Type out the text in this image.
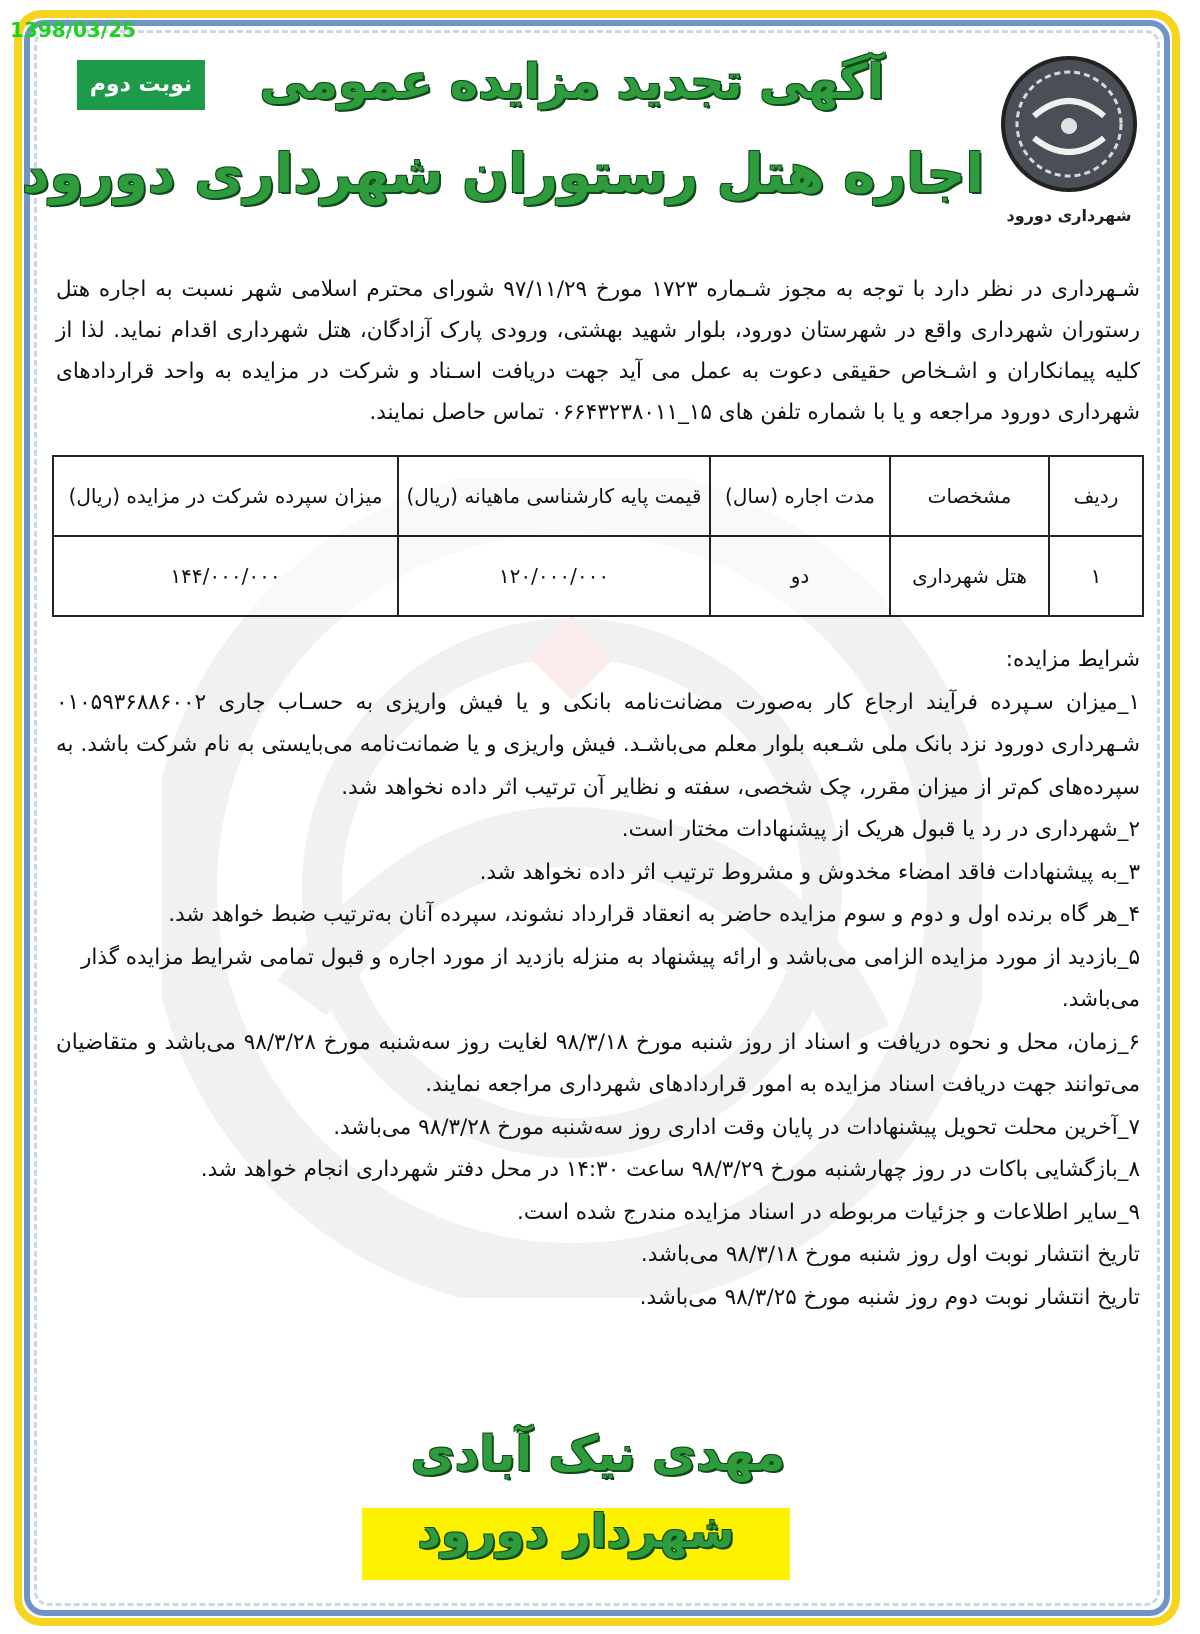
1398/03/25
شهرداری دورود
آگهی تجدید مزایده عمومی
اجاره هتل رستوران شهرداری دورود
نوبت دوم

شـهرداری در نظر دارد با توجه به مجوز شـماره ۱۷۲۳ مورخ ۹۷/۱۱/۲۹ شورای محترم اسلامی شهر نسبت به اجاره هتل رستوران شهرداری واقع در شهرستان دورود، بلوار شهید بهشتی، ورودی پارک آزادگان، هتل شهرداری اقدام نماید. لذا از کلیه پیمانکاران و اشـخاص حقیقی دعوت به عمل می آید جهت دریافت اسـناد و شرکت در مزایده به واحد قراردادهای شهرداری دورود مراجعه و یا با شماره تلفن های ۱۵_۰۶۶۴۳۲۳۸۰۱۱ تماس حاصل نمایند.

ردیف	مشخصات	مدت اجاره (سال)	قیمت پایه کارشناسی ماهیانه (ریال)	میزان سپرده شرکت در مزایده (ریال)
۱	هتل شهرداری	دو	۱۲۰/۰۰۰/۰۰۰	۱۴۴/۰۰۰/۰۰۰

شرایط مزایده:

۱_میزان سـپرده فرآیند ارجاع کار به‌صورت مضانت‌نامه بانکی و یا فیش واریزی به حسـاب جاری ۰۱۰۵۹۳۶۸۸۶۰۰۲ شـهرداری دورود نزد بانک ملی شـعبه بلوار معلم می‌باشـد. فیش واریزی و یا ضمانت‌نامه می‌بایستی به نام شرکت باشد. به سپرده‌های کم‌تر از میزان مقرر، چک شخصی، سفته و نظایر آن ترتیب اثر داده نخواهد شد.

۲_شهرداری در رد یا قبول هریک از پیشنهادات مختار است.

۳_به پیشنهادات فاقد امضاء مخدوش و مشروط ترتیب اثر داده نخواهد شد.

۴_هر گاه برنده اول و دوم و سوم مزایده حاضر به انعقاد قرارداد نشوند، سپرده آنان به‌ترتیب ضبط خواهد شد.

۵_بازدید از مورد مزایده الزامی می‌باشد و ارائه پیشنهاد به منزله بازدید از مورد اجاره و قبول تمامی شرایط مزایده گذار می‌باشد.

۶_زمان، محل و نحوه دریافت و اسناد از روز شنبه مورخ ۹۸/۳/۱۸ لغایت روز سه‌شنبه مورخ ۹۸/۳/۲۸ می‌باشد و متقاضیان می‌توانند جهت دریافت اسناد مزایده به امور قراردادهای شهرداری مراجعه نمایند.

۷_آخرین محلت تحویل پیشنهادات در پایان وقت اداری روز سه‌شنبه مورخ ۹۸/۳/۲۸ می‌باشد.

۸_بازگشایی باکات در روز چهارشنبه مورخ ۹۸/۳/۲۹ ساعت ۱۴:۳۰ در محل دفتر شهرداری انجام خواهد شد.

۹_سایر اطلاعات و جزئیات مربوطه در اسناد مزایده مندرج شده است.

تاریخ انتشار نوبت اول روز شنبه مورخ ۹۸/۳/۱۸ می‌باشد.

تاریخ انتشار نوبت دوم روز شنبه مورخ ۹۸/۳/۲۵ می‌باشد.

مهدی نیک آبادی
شهردار دورود
